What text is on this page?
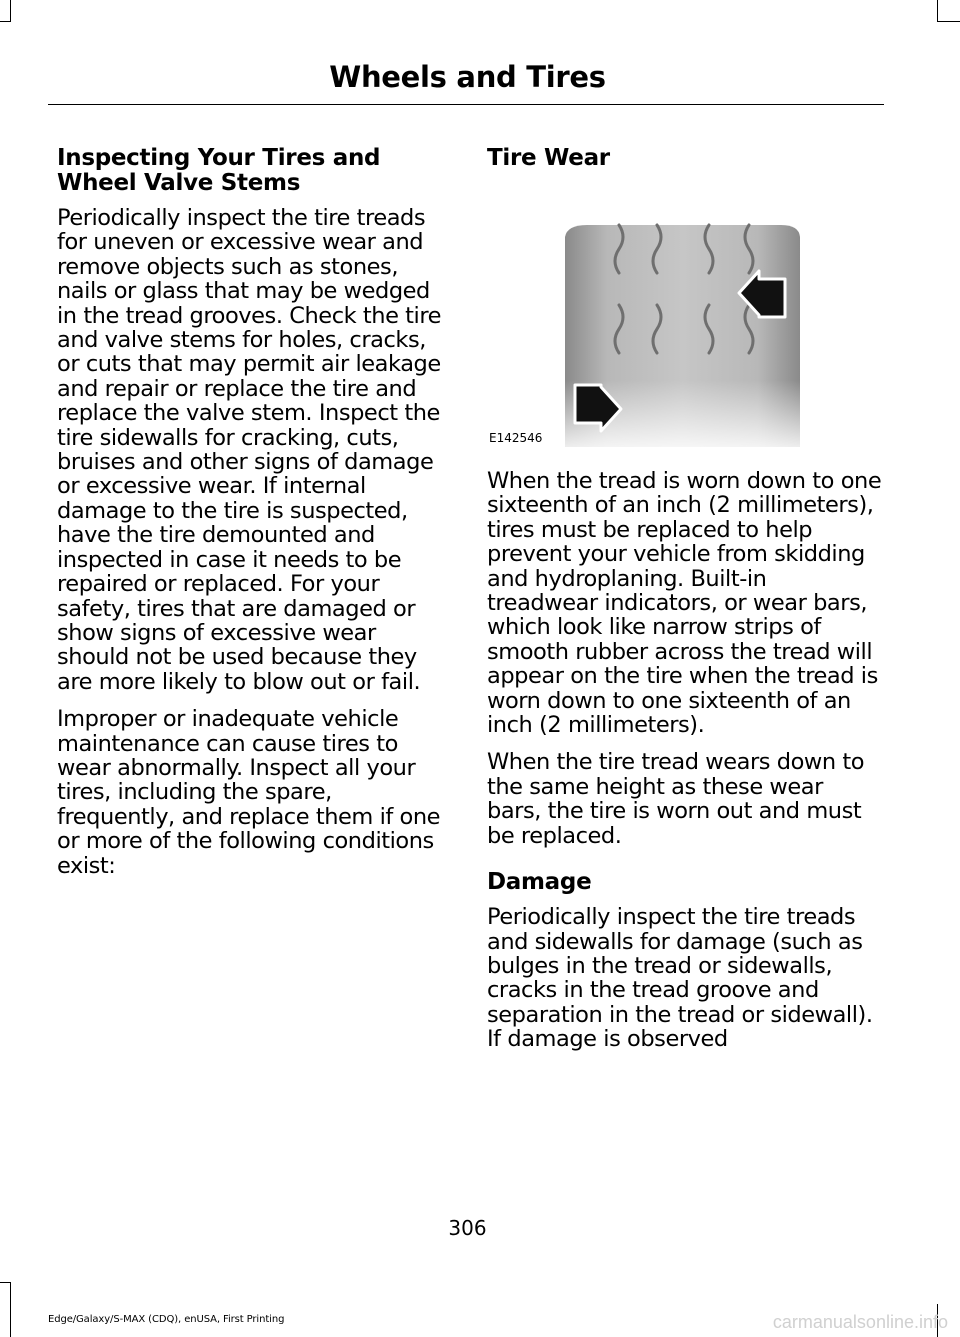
Wheels and Tires
Inspecting Your Tires and Wheel Valve Stems

Periodically inspect the tire treads for uneven or excessive wear and remove objects such as stones, nails or glass that may be wedged in the tread grooves. Check the tire and valve stems for holes, cracks, or cuts that may permit air leakage and repair or replace the tire and replace the valve stem. Inspect the tire sidewalls for cracking, cuts, bruises and other signs of damage or excessive wear. If internal damage to the tire is suspected, have the tire demounted and inspected in case it needs to be repaired or replaced. For your safety, tires that are damaged or show signs of excessive wear should not be used because they are more likely to blow out or fail.

Improper or inadequate vehicle maintenance can cause tires to wear abnormally. Inspect all your tires, including the spare, frequently, and replace them if one or more of the following conditions exist:

Tire Wear
E142546

When the tread is worn down to one sixteenth of an inch (2 millimeters), tires must be replaced to help prevent your vehicle from skidding and hydroplaning. Built-in treadwear indicators, or wear bars, which look like narrow strips of smooth rubber across the tread will appear on the tire when the tread is worn down to one sixteenth of an inch (2 millimeters).

When the tire tread wears down to the same height as these wear bars, the tire is worn out and must be replaced.

Damage

Periodically inspect the tire treads and sidewalls for damage (such as bulges in the tread or sidewalls, cracks in the tread groove and separation in the tread or sidewall). If damage is observed

306
Edge/Galaxy/S-MAX (CDQ), enUSA, First Printing	carmanualsonline.info
